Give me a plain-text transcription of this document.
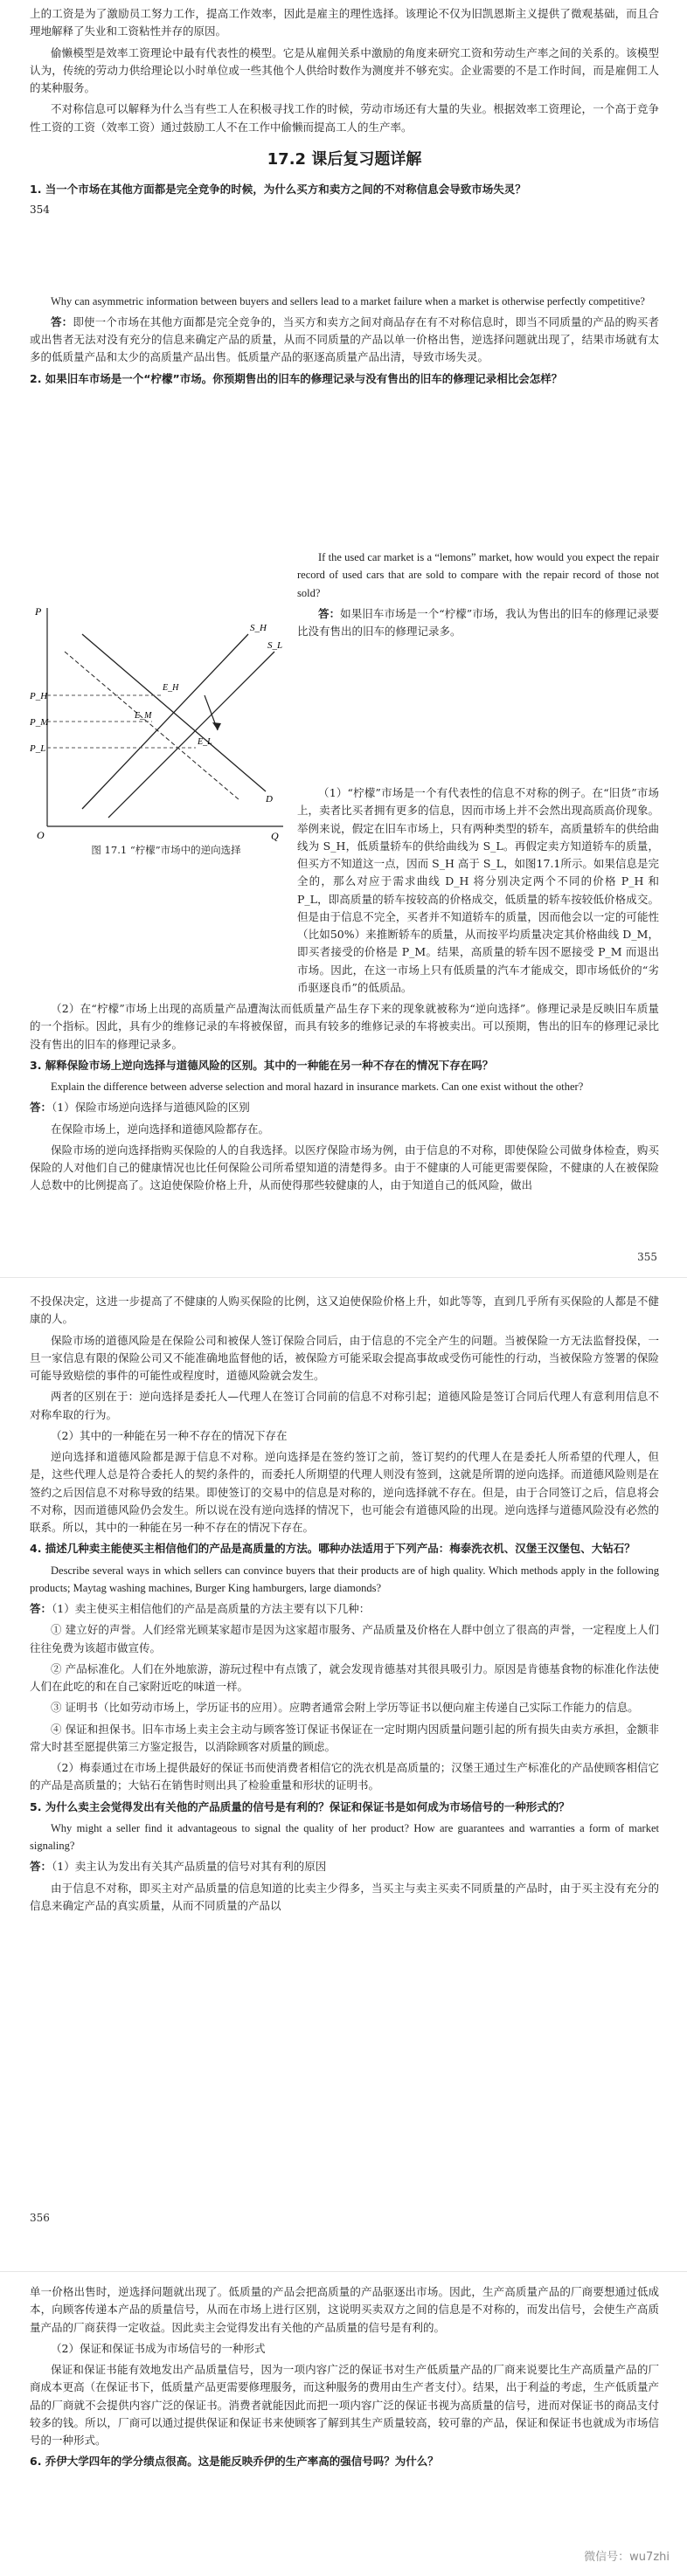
上的工资是为了激励员工努力工作，提高工作效率，因此是雇主的理性选择。该理论不仅为旧凯恩斯主义提供了微观基础，而且合理地解释了失业和工资粘性并存的原因。

偷懒模型是效率工资理论中最有代表性的模型。它是从雇佣关系中激励的角度来研究工资和劳动生产率之间的关系的。该模型认为，传统的劳动力供给理论以小时单位或一些其他个人供给时数作为测度并不够充实。企业需要的不是工作时间，而是雇佣工人的某种服务。

不对称信息可以解释为什么当有些工人在积极寻找工作的时候，劳动市场还有大量的失业。根据效率工资理论，一个高于竞争性工资的工资（效率工资）通过鼓励工人不在工作中偷懒而提高工人的生产率。

17.2 课后复习题详解

1. 当一个市场在其他方面都是完全竞争的时候，为什么买方和卖方之间的不对称信息会导致市场失灵？

354

Why can asymmetric information between buyers and sellers lead to a market failure when a market is otherwise perfectly competitive?

答：即使一个市场在其他方面都是完全竞争的，当买方和卖方之间对商品存在有不对称信息时，即当不同质量的产品的购买者或出售者无法对没有充分的信息来确定产品的质量，从而不同质量的产品以单一价格出售，逆选择问题就出现了，结果市场就有太多的低质量产品和太少的高质量产品出售。低质量产品的驱逐高质量产品出清，导致市场失灵。

2. 如果旧车市场是一个“柠檬”市场。你预期售出的旧车的修理记录与没有售出的旧车的修理记录相比会怎样？

P
Q
O
S_H
S_L
D
P_H
P_M
P_L
E_H
E_L
E_M
图 17.1 “柠檬”市场中的逆向选择

If the used car market is a “lemons” market, how would you expect the repair record of used cars that are sold to compare with the repair record of those not sold?

答：如果旧车市场是一个“柠檬”市场，我认为售出的旧车的修理记录要比没有售出的旧车的修理记录多。

（1）“柠檬”市场是一个有代表性的信息不对称的例子。在“旧货”市场上，卖者比买者拥有更多的信息，因而市场上并不会然出现高质高价现象。举例来说，假定在旧车市场上，只有两种类型的轿车，高质量轿车的供给曲线为 S_H，低质量轿车的供给曲线为 S_L。再假定卖方知道轿车的质量，但买方不知道这一点，因而 S_H 高于 S_L，如图17.1所示。如果信息是完全的，那么对应于需求曲线 D_H 将分别决定两个不同的价格 P_H 和 P_L，即高质量的轿车按较高的价格成交，低质量的轿车按较低价格成交。但是由于信息不完全，买者并不知道轿车的质量，因而他会以一定的可能性（比如50%）来推断轿车的质量，从而按平均质量决定其价格曲线 D_M，即买者接受的价格是 P_M。结果，高质量的轿车因不愿接受 P_M 而退出市场。因此，在这一市场上只有低质量的汽车才能成交，即市场低价的“劣币驱逐良币”的低质品。

（2）在“柠檬”市场上出现的高质量产品遭淘汰而低质量产品生存下来的现象就被称为“逆向选择”。修理记录是反映旧车质量的一个指标。因此，具有少的维修记录的车将被保留，而具有较多的维修记录的车将被卖出。可以预期，售出的旧车的修理记录比没有售出的旧车的修理记录多。

3. 解释保险市场上逆向选择与道德风险的区别。其中的一种能在另一种不存在的情况下存在吗？

Explain the difference between adverse selection and moral hazard in insurance markets. Can one exist without the other?

答：（1）保险市场逆向选择与道德风险的区别

在保险市场上，逆向选择和道德风险都存在。

保险市场的逆向选择指购买保险的人的自我选择。以医疗保险市场为例，由于信息的不对称，即使保险公司做身体检查，购买保险的人对他们自己的健康情况也比任何保险公司所希望知道的清楚得多。由于不健康的人可能更需要保险，不健康的人在被保险人总数中的比例提高了。这迫使保险价格上升，从而使得那些较健康的人，由于知道自己的低风险，做出

355

不投保决定，这进一步提高了不健康的人购买保险的比例，这又迫使保险价格上升，如此等等，直到几乎所有买保险的人都是不健康的人。

保险市场的道德风险是在保险公司和被保人签订保险合同后，由于信息的不完全产生的问题。当被保险一方无法监督投保，一旦一家信息有限的保险公司又不能准确地监督他的话，被保险方可能采取会提高事故或受伤可能性的行动，当被保险方签署的保险可能导致赔偿的事件的可能性或程度时，道德风险就会发生。

两者的区别在于：逆向选择是委托人—代理人在签订合同前的信息不对称引起；道德风险是签订合同后代理人有意利用信息不对称牟取的行为。

（2）其中的一种能在另一种不存在的情况下存在

逆向选择和道德风险都是源于信息不对称。逆向选择是在签约签订之前，签订契约的代理人在是委托人所希望的代理人，但是，这些代理人总是符合委托人的契约条件的，而委托人所期望的代理人则没有签到，这就是所谓的逆向选择。而道德风险则是在签约之后因信息不对称导致的结果。即使签订的交易中的信息是对称的，逆向选择就不存在。但是，由于合同签订之后，信息将会不对称，因而道德风险仍会发生。所以说在没有逆向选择的情况下，也可能会有道德风险的出现。逆向选择与道德风险没有必然的联系。所以，其中的一种能在另一种不存在的情况下存在。

4. 描述几种卖主能使买主相信他们的产品是高质量的方法。哪种办法适用于下列产品：梅泰洗衣机、汉堡王汉堡包、大钻石？

Describe several ways in which sellers can convince buyers that their products are of high quality. Which methods apply in the following products; Maytag washing machines, Burger King hamburgers, large diamonds?

答：（1）卖主使买主相信他们的产品是高质量的方法主要有以下几种：

① 建立好的声誉。人们经常光顾某家超市是因为这家超市服务、产品质量及价格在人群中创立了很高的声誉，一定程度上人们往往免费为该超市做宣传。

② 产品标准化。人们在外地旅游，游玩过程中有点饿了，就会发现肯德基对其很具吸引力。原因是肯德基食物的标准化作法使人们在此吃的和在自己家附近吃的味道一样。

③ 证明书（比如劳动市场上，学历证书的应用）。应聘者通常会附上学历等证书以便向雇主传递自己实际工作能力的信息。

④ 保证和担保书。旧车市场上卖主会主动与顾客签订保证书保证在一定时期内因质量问题引起的所有损失由卖方承担，金额非常大时甚至愿提供第三方鉴定报告，以消除顾客对质量的顾虑。

（2）梅泰通过在市场上提供最好的保证书而使消费者相信它的洗衣机是高质量的；汉堡王通过生产标准化的产品使顾客相信它的产品是高质量的；大钻石在销售时则出具了检验重量和形状的证明书。

5. 为什么卖主会觉得发出有关他的产品质量的信号是有利的？保证和保证书是如何成为市场信号的一种形式的？

Why might a seller find it advantageous to signal the quality of her product? How are guarantees and warranties a form of market signaling?

答：（1）卖主认为发出有关其产品质量的信号对其有利的原因

由于信息不对称，即买主对产品质量的信息知道的比卖主少得多，当买主与卖主买卖不同质量的产品时，由于买主没有充分的信息来确定产品的真实质量，从而不同质量的产品以

356

单一价格出售时，逆选择问题就出现了。低质量的产品会把高质量的产品驱逐出市场。因此，生产高质量产品的厂商要想通过低成本，向顾客传递本产品的质量信号，从而在市场上进行区别，这说明买卖双方之间的信息是不对称的，而发出信号，会使生产高质量产品的厂商获得一定收益。因此卖主会觉得发出有关他的产品质量的信号是有利的。

（2）保证和保证书成为市场信号的一种形式

保证和保证书能有效地发出产品质量信号，因为一项内容广泛的保证书对生产低质量产品的厂商来说要比生产高质量产品的厂商成本更高（在保证书下，低质量产品更需要修理服务，而这种服务的费用由生产者支付）。结果，出于利益的考虑，生产低质量产品的厂商就不会提供内容广泛的保证书。消费者就能因此而把一项内容广泛的保证书视为高质量的信号，进而对保证书的商品支付较多的钱。所以，厂商可以通过提供保证和保证书来使顾客了解到其生产质量较高，较可靠的产品，保证和保证书也就成为市场信号的一种形式。

6. 乔伊大学四年的学分绩点很高。这是能反映乔伊的生产率高的强信号吗？为什么？

微信号：wu7zhi
